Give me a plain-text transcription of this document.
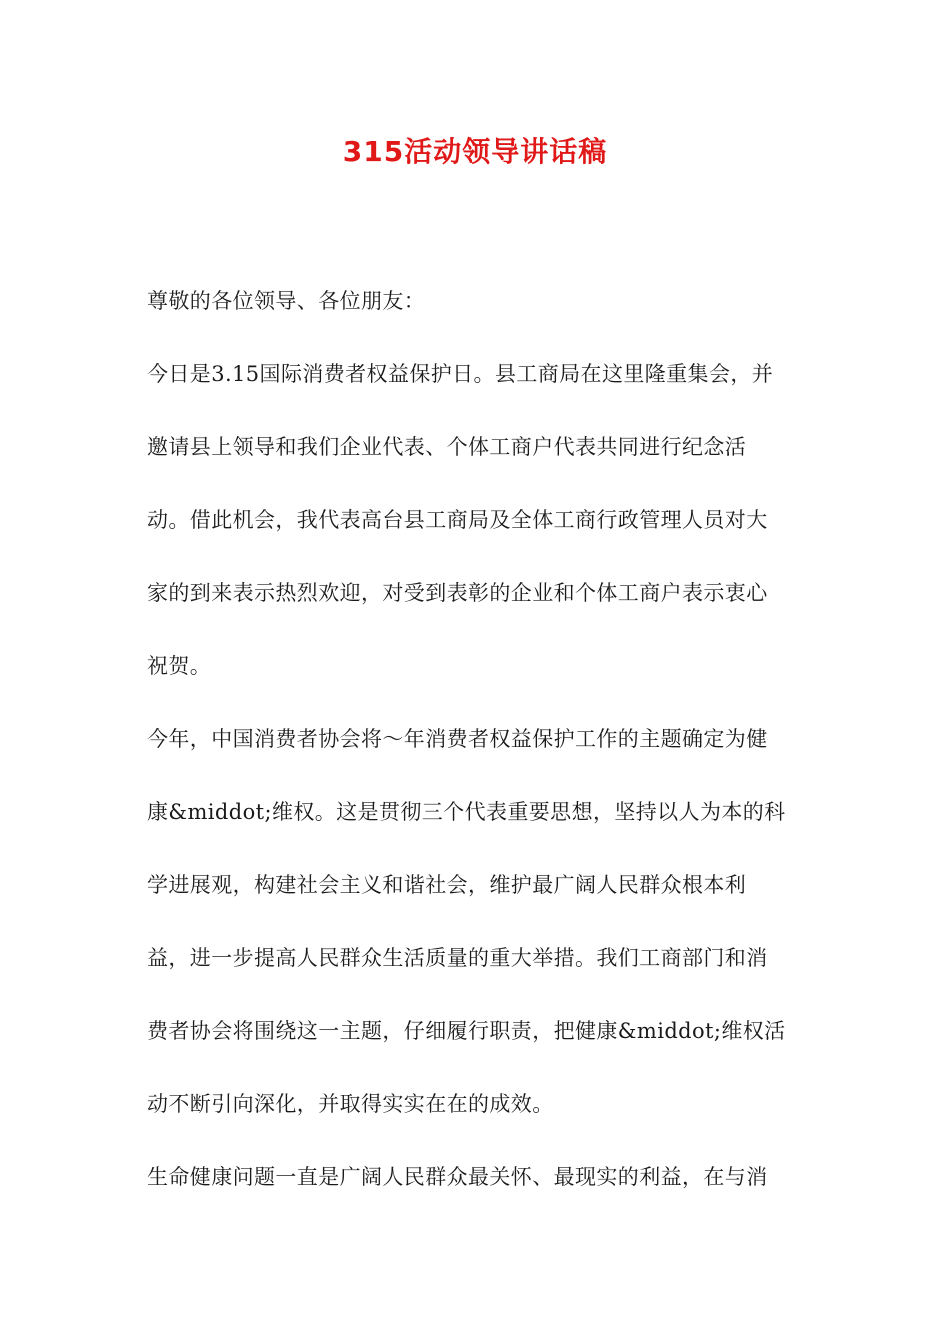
315活动领导讲话稿
尊敬的各位领导、各位朋友：
今日是3.15国际消费者权益保护日。县工商局在这里隆重集会，并
邀请县上领导和我们企业代表、个体工商户代表共同进行纪念活
动。借此机会，我代表高台县工商局及全体工商行政管理人员对大
家的到来表示热烈欢迎，对受到表彰的企业和个体工商户表示衷心
祝贺。
今年，中国消费者协会将～年消费者权益保护工作的主题确定为健
康&middot;维权。这是贯彻三个代表重要思想，坚持以人为本的科
学进展观，构建社会主义和谐社会，维护最广阔人民群众根本利
益，进一步提高人民群众生活质量的重大举措。我们工商部门和消
费者协会将围绕这一主题，仔细履行职责，把健康&middot;维权活
动不断引向深化，并取得实实在在的成效。
生命健康问题一直是广阔人民群众最关怀、最现实的利益，在与消
